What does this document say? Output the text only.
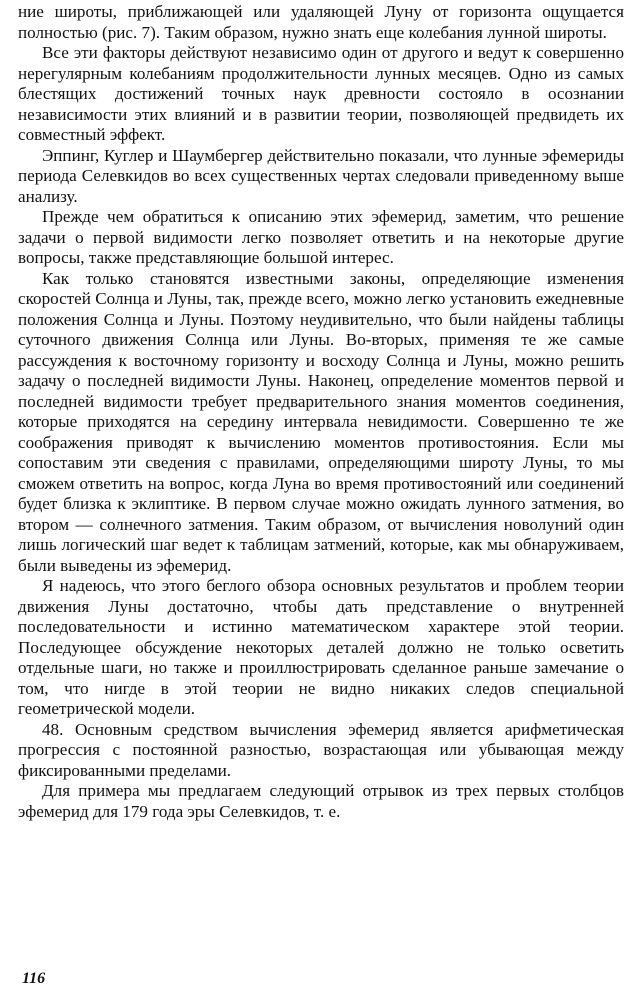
ние широты, приближающей или удаляющей Луну от горизонта ощущается полностью (рис. 7). Таким образом, нужно знать еще колебания лунной широты.

Все эти факторы действуют независимо один от другого и ведут к совершенно нерегулярным колебаниям продолжительности лунных месяцев. Одно из самых блестящих достижений точных наук древности состояло в осознании независимости этих влияний и в развитии теории, позволяющей предвидеть их совместный эффект.

Эппинг, Куглер и Шаумбергер действительно показали, что лунные эфемериды периода Селевкидов во всех существенных чертах следовали приведенному выше анализу.

Прежде чем обратиться к описанию этих эфемерид, заметим, что решение задачи о первой видимости легко позволяет ответить и на некоторые другие вопросы, также представляющие большой интерес.

Как только становятся известными законы, определяющие изменения скоростей Солнца и Луны, так, прежде всего, можно легко установить ежедневные положения Солнца и Луны. Поэтому неудивительно, что были найдены таблицы суточного движения Солнца или Луны. Во-вторых, применяя те же самые рассуждения к восточному горизонту и восходу Солнца и Луны, можно решить задачу о последней видимости Луны. Наконец, определение моментов первой и последней видимости требует предварительного знания моментов соединения, которые приходятся на середину интервала невидимости. Совершенно те же соображения приводят к вычислению моментов противостояния. Если мы сопоставим эти сведения с правилами, определяющими широту Луны, то мы сможем ответить на вопрос, когда Луна во время противостояний или соединений будет близка к эклиптике. В первом случае можно ожидать лунного затмения, во втором — солнечного затмения. Таким образом, от вычисления новолуний один лишь логический шаг ведет к таблицам затмений, которые, как мы обнаруживаем, были выведены из эфемерид.

Я надеюсь, что этого беглого обзора основных результатов и проблем теории движения Луны достаточно, чтобы дать представление о внутренней последовательности и истинно математическом характере этой теории. Последующее обсуждение некоторых деталей должно не только осветить отдельные шаги, но также и проиллюстрировать сделанное раньше замечание о том, что нигде в этой теории не видно никаких следов специальной геометрической модели.

48. Основным средством вычисления эфемерид является арифметическая прогрессия с постоянной разностью, возрастающая или убывающая между фиксированными пределами.

Для примера мы предлагаем следующий отрывок из трех первых столбцов эфемерид для 179 года эры Селевкидов, т. е.

116
